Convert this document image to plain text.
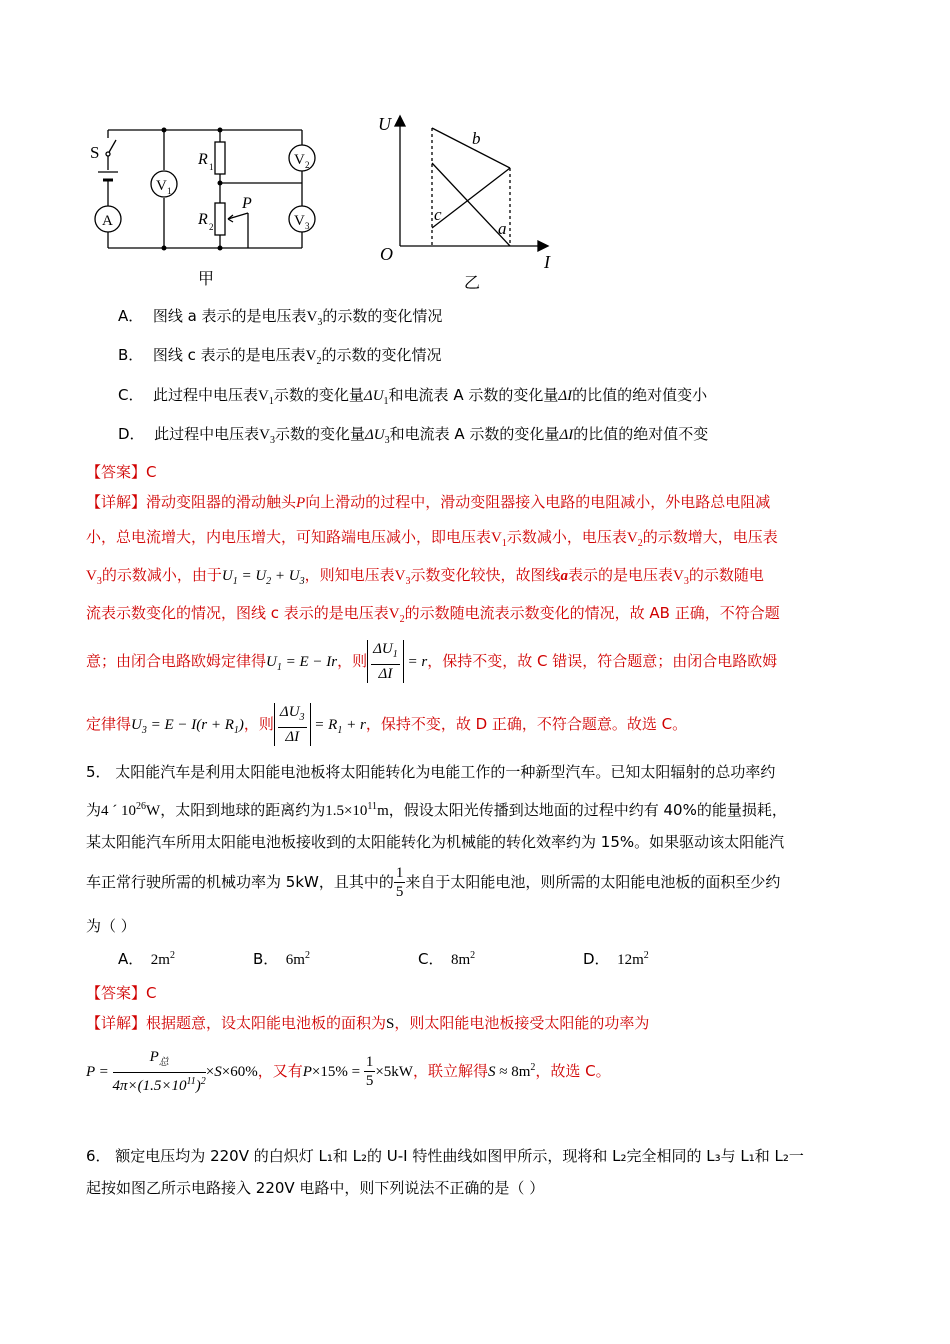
S
A
V 1
V 2
V 3
R 1
R 2
P
甲
U
I
O
b
a
c
乙
A． 图线 a 表示的是电压表$V_3$的示数的变化情况
B． 图线 c 表示的是电压表$V_2$的示数的变化情况
C． 此过程中电压表$V_1$示数的变化量$\Delta U_1$和电流表 A 示数的变化量ΔI的比值的绝对值变小
D． 此过程中电压表$V_3$示数的变化量$\Delta U_3$和电流表 A 示数的变化量ΔI的比值的绝对值不变
【答案】C
【详解】滑动变阻器的滑动触头P向上滑动的过程中，滑动变阻器接入电路的电阻减小，外电路总电阻减
小，总电流增大，内电压增大，可知路端电压减小，即电压表$V_1$示数减小，电压表$V_2$的示数增大，电压表
$V_3$的示数减小，由于$U_1 = U_2 + U_3$，则知电压表$V_3$示数变化较快，故图线a表示的是电压表$V_3$的示数随电
流表示数变化的情况，图线 c 表示的是电压表$V_2$的示数随电流表示数变化的情况，故 AB 正确，不符合题
意；由闭合电路欧姆定律得$U_1 = E - Ir$，则 $\frac{\Delta U_1}{\Delta I} = r$，保持不变，故 C 错误，符合题意；由闭合电路欧姆
定律得$U_3 = E - I(r + R_1)$，则 $\frac{\Delta U_3}{\Delta I} = R_1 + r$，保持不变，故 D 正确，不符合题意。故选 C。
5． 太阳能汽车是利用太阳能电池板将太阳能转化为电能工作的一种新型汽车。已知太阳辐射的总功率约
为4 ´ $10^{26}W$，太阳到地球的距离约为$1.5\times 10^{11}m$，假设太阳光传播到达地面的过程中约有 40%的能量损耗，
某太阳能汽车所用太阳能电池板接收到的太阳能转化为机械能的转化效率约为 15%。如果驱动该太阳能汽
车正常行驶所需的机械功率为 5kW，且其中的 $\frac{1}{5}$ 来自于太阳能电池，则所需的太阳能电池板的面积至少约
为（ ）
A． $2m^2$	B． $6m^2$	C． $8m^2$	D． $12m^2$
【答案】C
【详解】根据题意，设太阳能电池板的面积为S，则太阳能电池板接受太阳能的功率为
$P = \frac{P_总}{4\pi\times(1.5\times 10^{11})^2} \times S\times 60\%$，又有$P\times 15\% = \frac{1}{5} \times 5kW$，联立解得$S \approx 8m^2$，故选 C。
6． 额定电压均为 220V 的白炽灯 L₁和 L₂的 U‐I 特性曲线如图甲所示，现将和 L₂完全相同的 L₃与 L₁和 L₂一
起按如图乙所示电路接入 220V 电路中，则下列说法不正确的是（ ）
